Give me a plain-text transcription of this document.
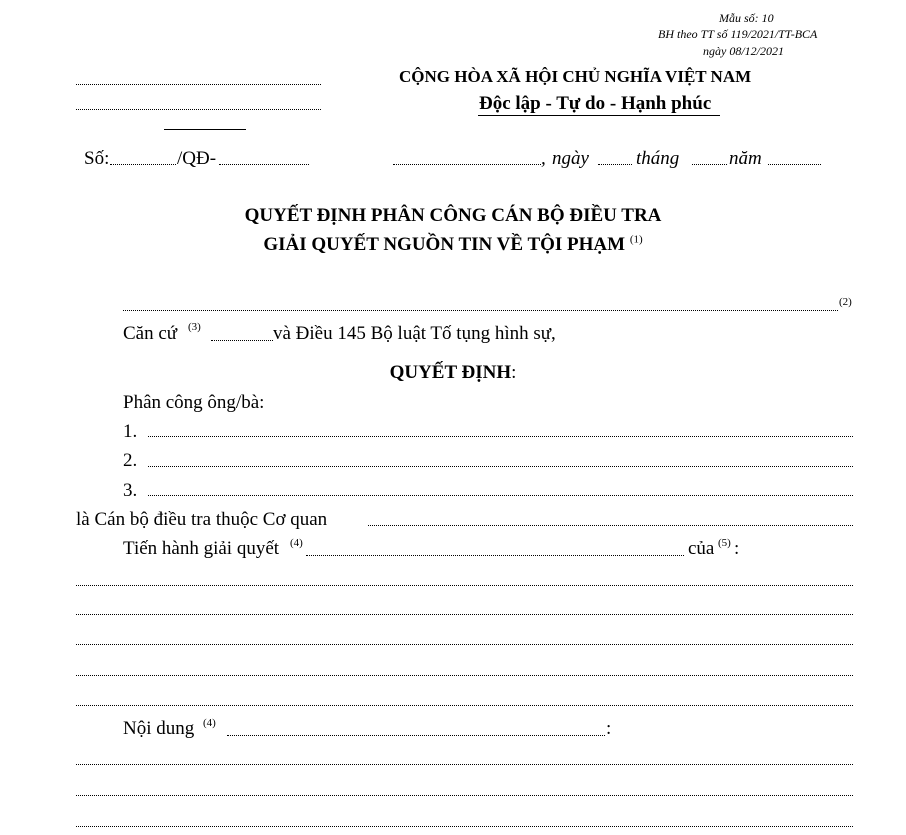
Mẫu số: 10
BH theo TT số 119/2021/TT-BCA
ngày 08/12/2021
CỘNG HÒA XÃ HỘI CHỦ NGHĨA VIỆT NAM
Độc lập - Tự do - Hạnh phúc
Số:	/QĐ-	, ngày tháng	năm
QUYẾT ĐỊNH PHÂN CÔNG CÁN BỘ ĐIỀU TRA
GIẢI QUYẾT NGUỒN TIN VỀ TỘI PHẠM $^{(1)}$
(2)
Căn cứ (3)	và Điều 145 Bộ luật Tố tụng hình sự,
QUYẾT ĐỊNH:
Phân công ông/bà:
1.
2.
3.
là Cán bộ điều tra thuộc Cơ quan
Tiến hành giải quyết (4)	của (5) :
Nội dung (4)	:
